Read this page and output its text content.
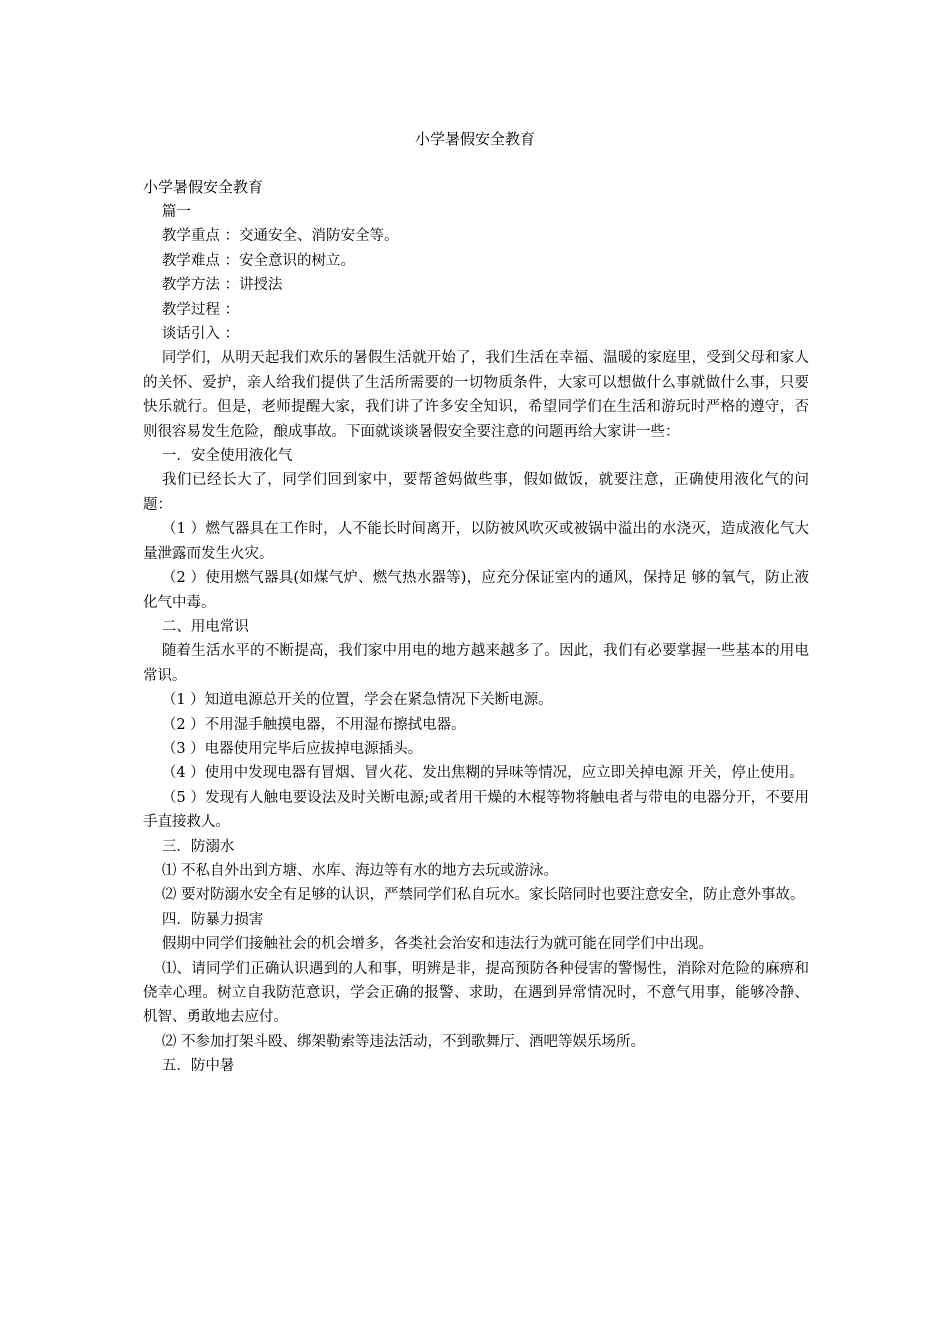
小学暑假安全教育

小学暑假安全教育

篇一

教学重点 ：交通安全、消防安全等。

教学难点 ：安全意识的树立。

教学方法 ：讲授法

教学过程 ：

谈话引入 ：

同学们，从明天起我们欢乐的暑假生活就开始了，我们生活在幸福、温暖的家庭里，受到父母和家人的关怀、爱护，亲人给我们提供了生活所需要的一切物质条件，大家可以想做什么事就做什么事，只要快乐就行。但是，老师提醒大家，我们讲了许多安全知识，希望同学们在生活和游玩时严格的遵守，否则很容易发生危险，酿成事故。下面就谈谈暑假安全要注意的问题再给大家讲一些：

一．安全使用液化气

我们已经长大了，同学们回到家中，要帮爸妈做些事，假如做饭，就要注意，正确使用液化气的问题：

（1 ）燃气器具在工作时，人不能长时间离开，以防被风吹灭或被锅中溢出的水浇灭，造成液化气大量泄露而发生火灾。

（2 ）使用燃气器具(如煤气炉、燃气热水器等)，应充分保证室内的通风，保持足 够的氧气，防止液化气中毒。

二、用电常识

随着生活水平的不断提高，我们家中用电的地方越来越多了。因此，我们有必要掌握一些基本的用电常识。

（1 ）知道电源总开关的位置，学会在紧急情况下关断电源。

（2 ）不用湿手触摸电器，不用湿布擦拭电器。

（3 ）电器使用完毕后应拔掉电源插头。

（4 ）使用中发现电器有冒烟、冒火花、发出焦糊的异味等情况，应立即关掉电源 开关，停止使用。

（5 ）发现有人触电要设法及时关断电源;或者用干燥的木棍等物将触电者与带电的电器分开，不要用手直接救人。

三．防溺水

⑴ 不私自外出到方塘、水库、海边等有水的地方去玩或游泳。

⑵ 要对防溺水安全有足够的认识，严禁同学们私自玩水。家长陪同时也要注意安全，防止意外事故。

四．防暴力损害

假期中同学们接触社会的机会增多，各类社会治安和违法行为就可能在同学们中出现。

⑴、请同学们正确认识遇到的人和事，明辨是非，提高预防各种侵害的警惕性，消除对危险的麻痹和侥幸心理。树立自我防范意识，学会正确的报警、求助，在遇到异常情况时，不意气用事，能够冷静、机智、勇敢地去应付。

⑵ 不参加打架斗殴、绑架勒索等违法活动，不到歌舞厅、酒吧等娱乐场所。

五．防中暑
